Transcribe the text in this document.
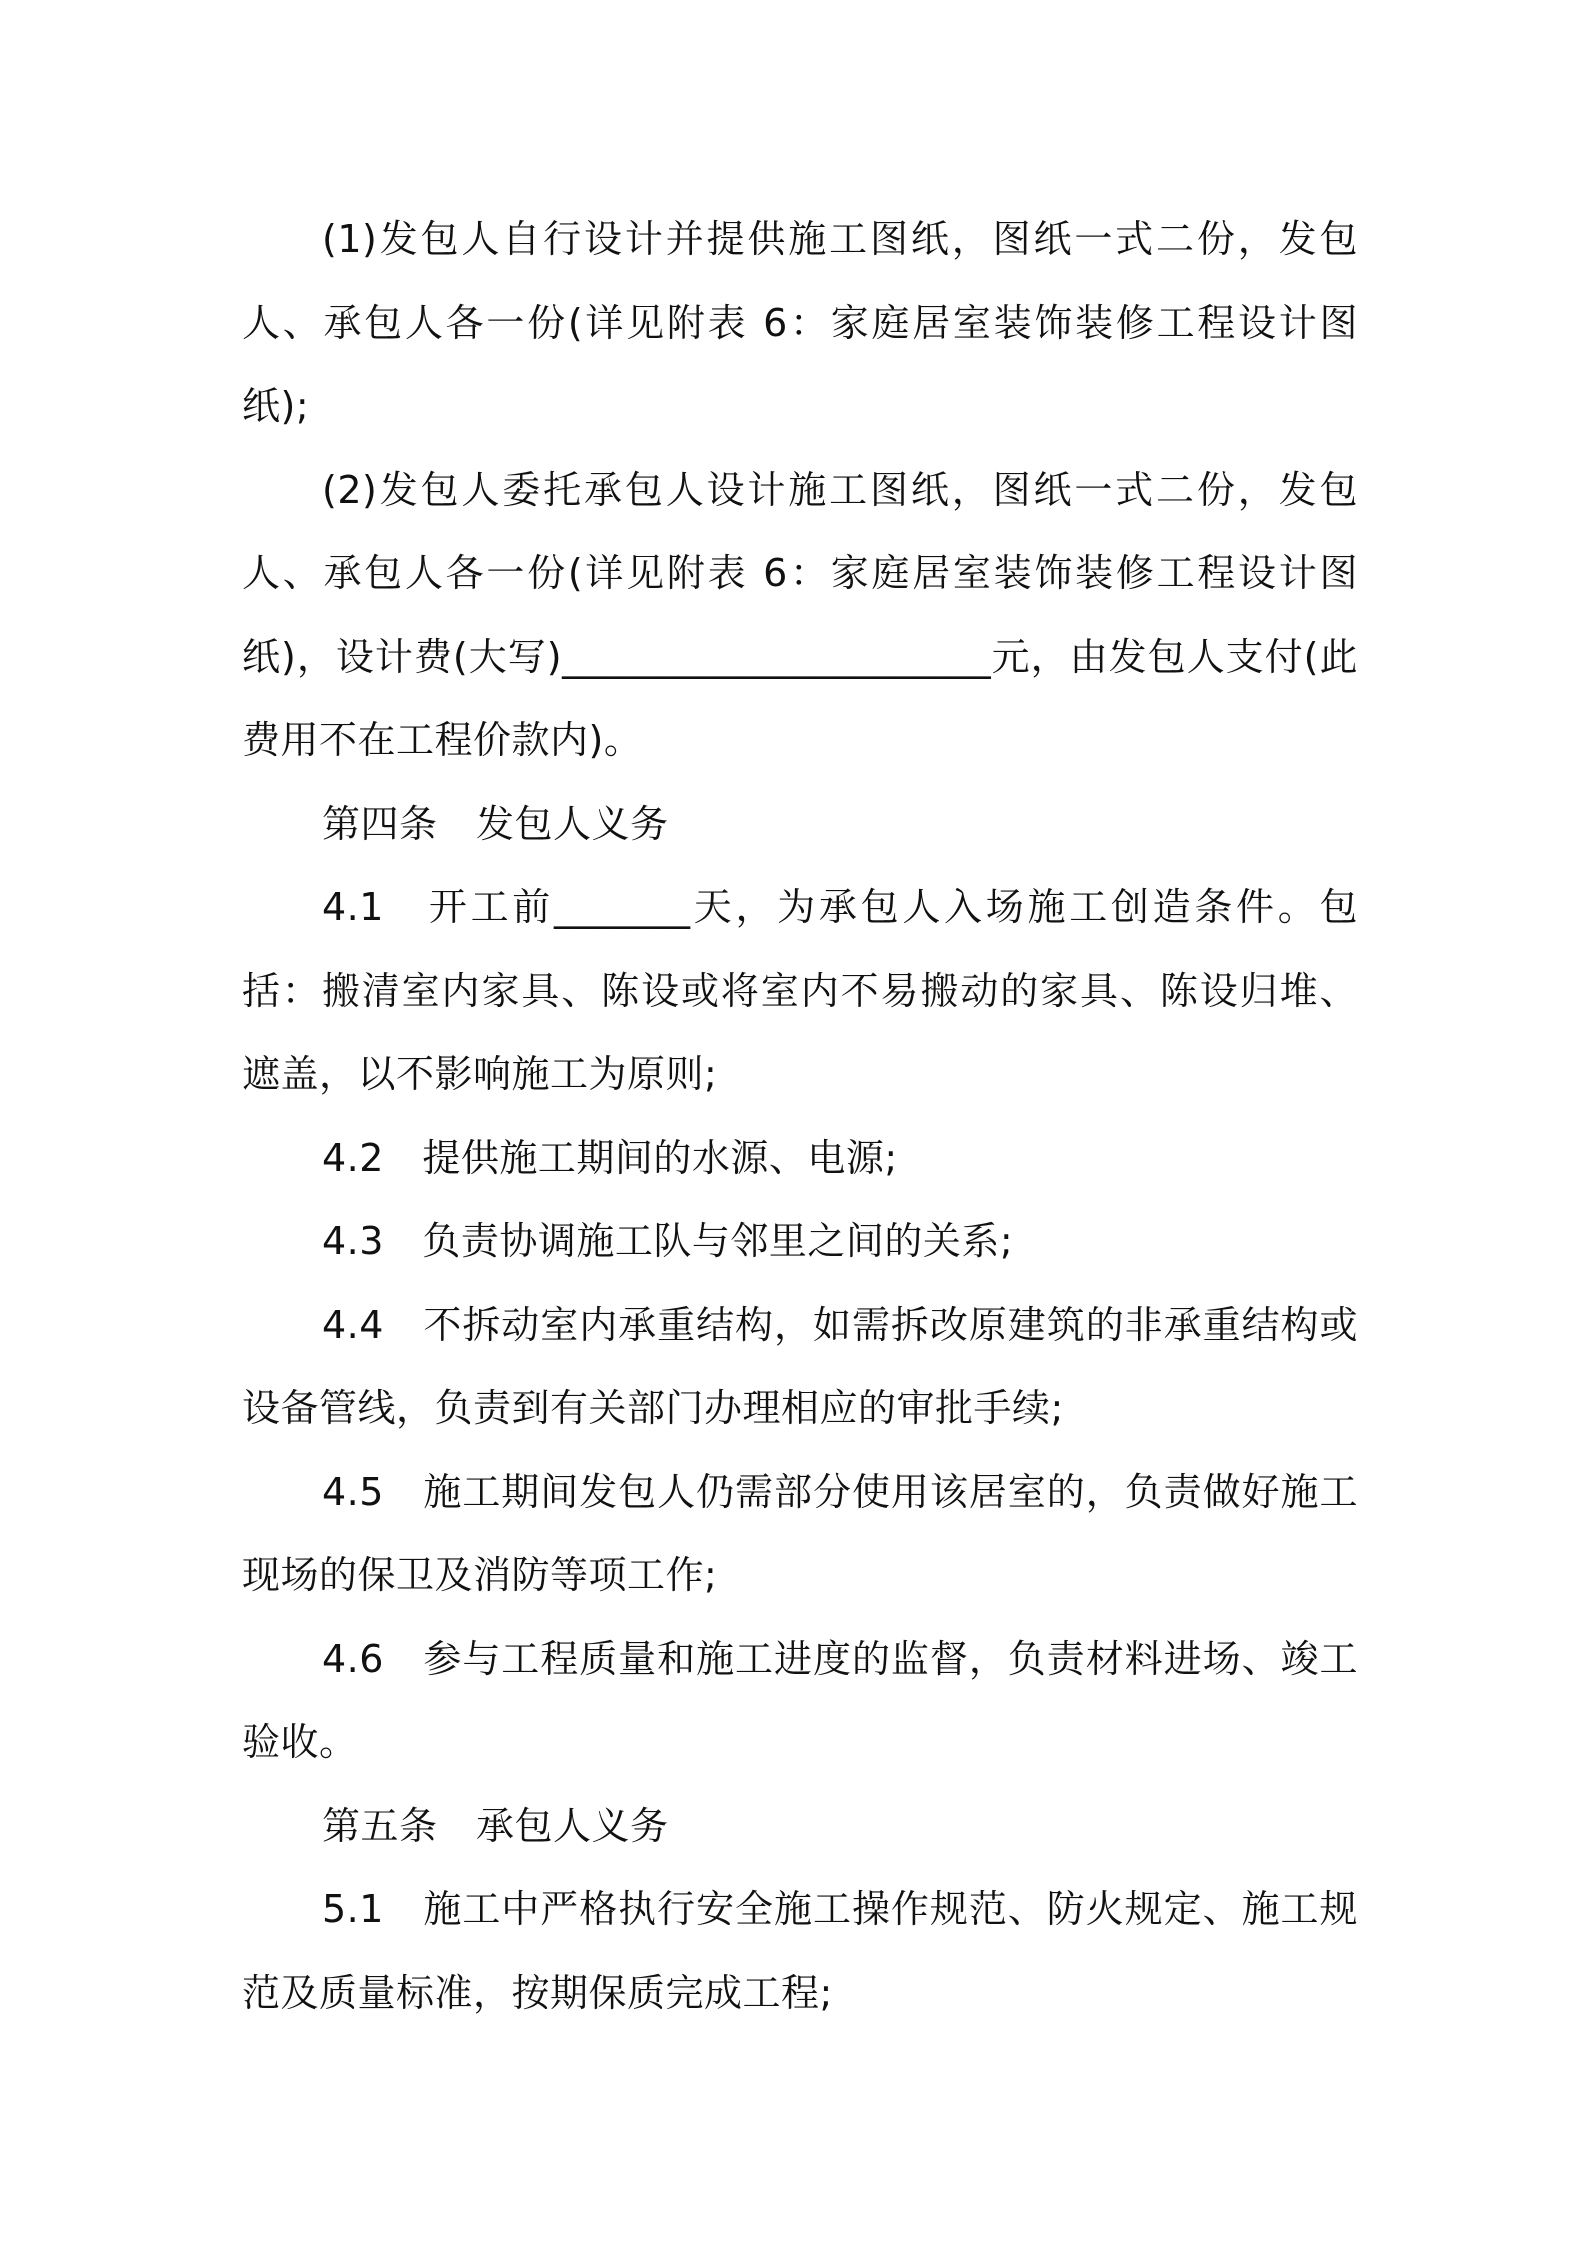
(1)发包人自行设计并提供施工图纸，图纸一式二份，发包人、承包人各一份(详见附表 6：家庭居室装饰装修工程设计图纸);

(2)发包人委托承包人设计施工图纸，图纸一式二份，发包人、承包人各一份(详见附表 6：家庭居室装饰装修工程设计图纸)，设计费(大写)______________________元，由发包人支付(此费用不在工程价款内)。

第四条　发包人义务

4.1　开工前_______天，为承包人入场施工创造条件。包括：搬清室内家具、陈设或将室内不易搬动的家具、陈设归堆、遮盖，以不影响施工为原则;

4.2　提供施工期间的水源、电源;

4.3　负责协调施工队与邻里之间的关系;

4.4　不拆动室内承重结构，如需拆改原建筑的非承重结构或设备管线，负责到有关部门办理相应的审批手续;

4.5　施工期间发包人仍需部分使用该居室的，负责做好施工现场的保卫及消防等项工作;

4.6　参与工程质量和施工进度的监督，负责材料进场、竣工验收。

第五条　承包人义务

5.1　施工中严格执行安全施工操作规范、防火规定、施工规范及质量标准，按期保质完成工程;
